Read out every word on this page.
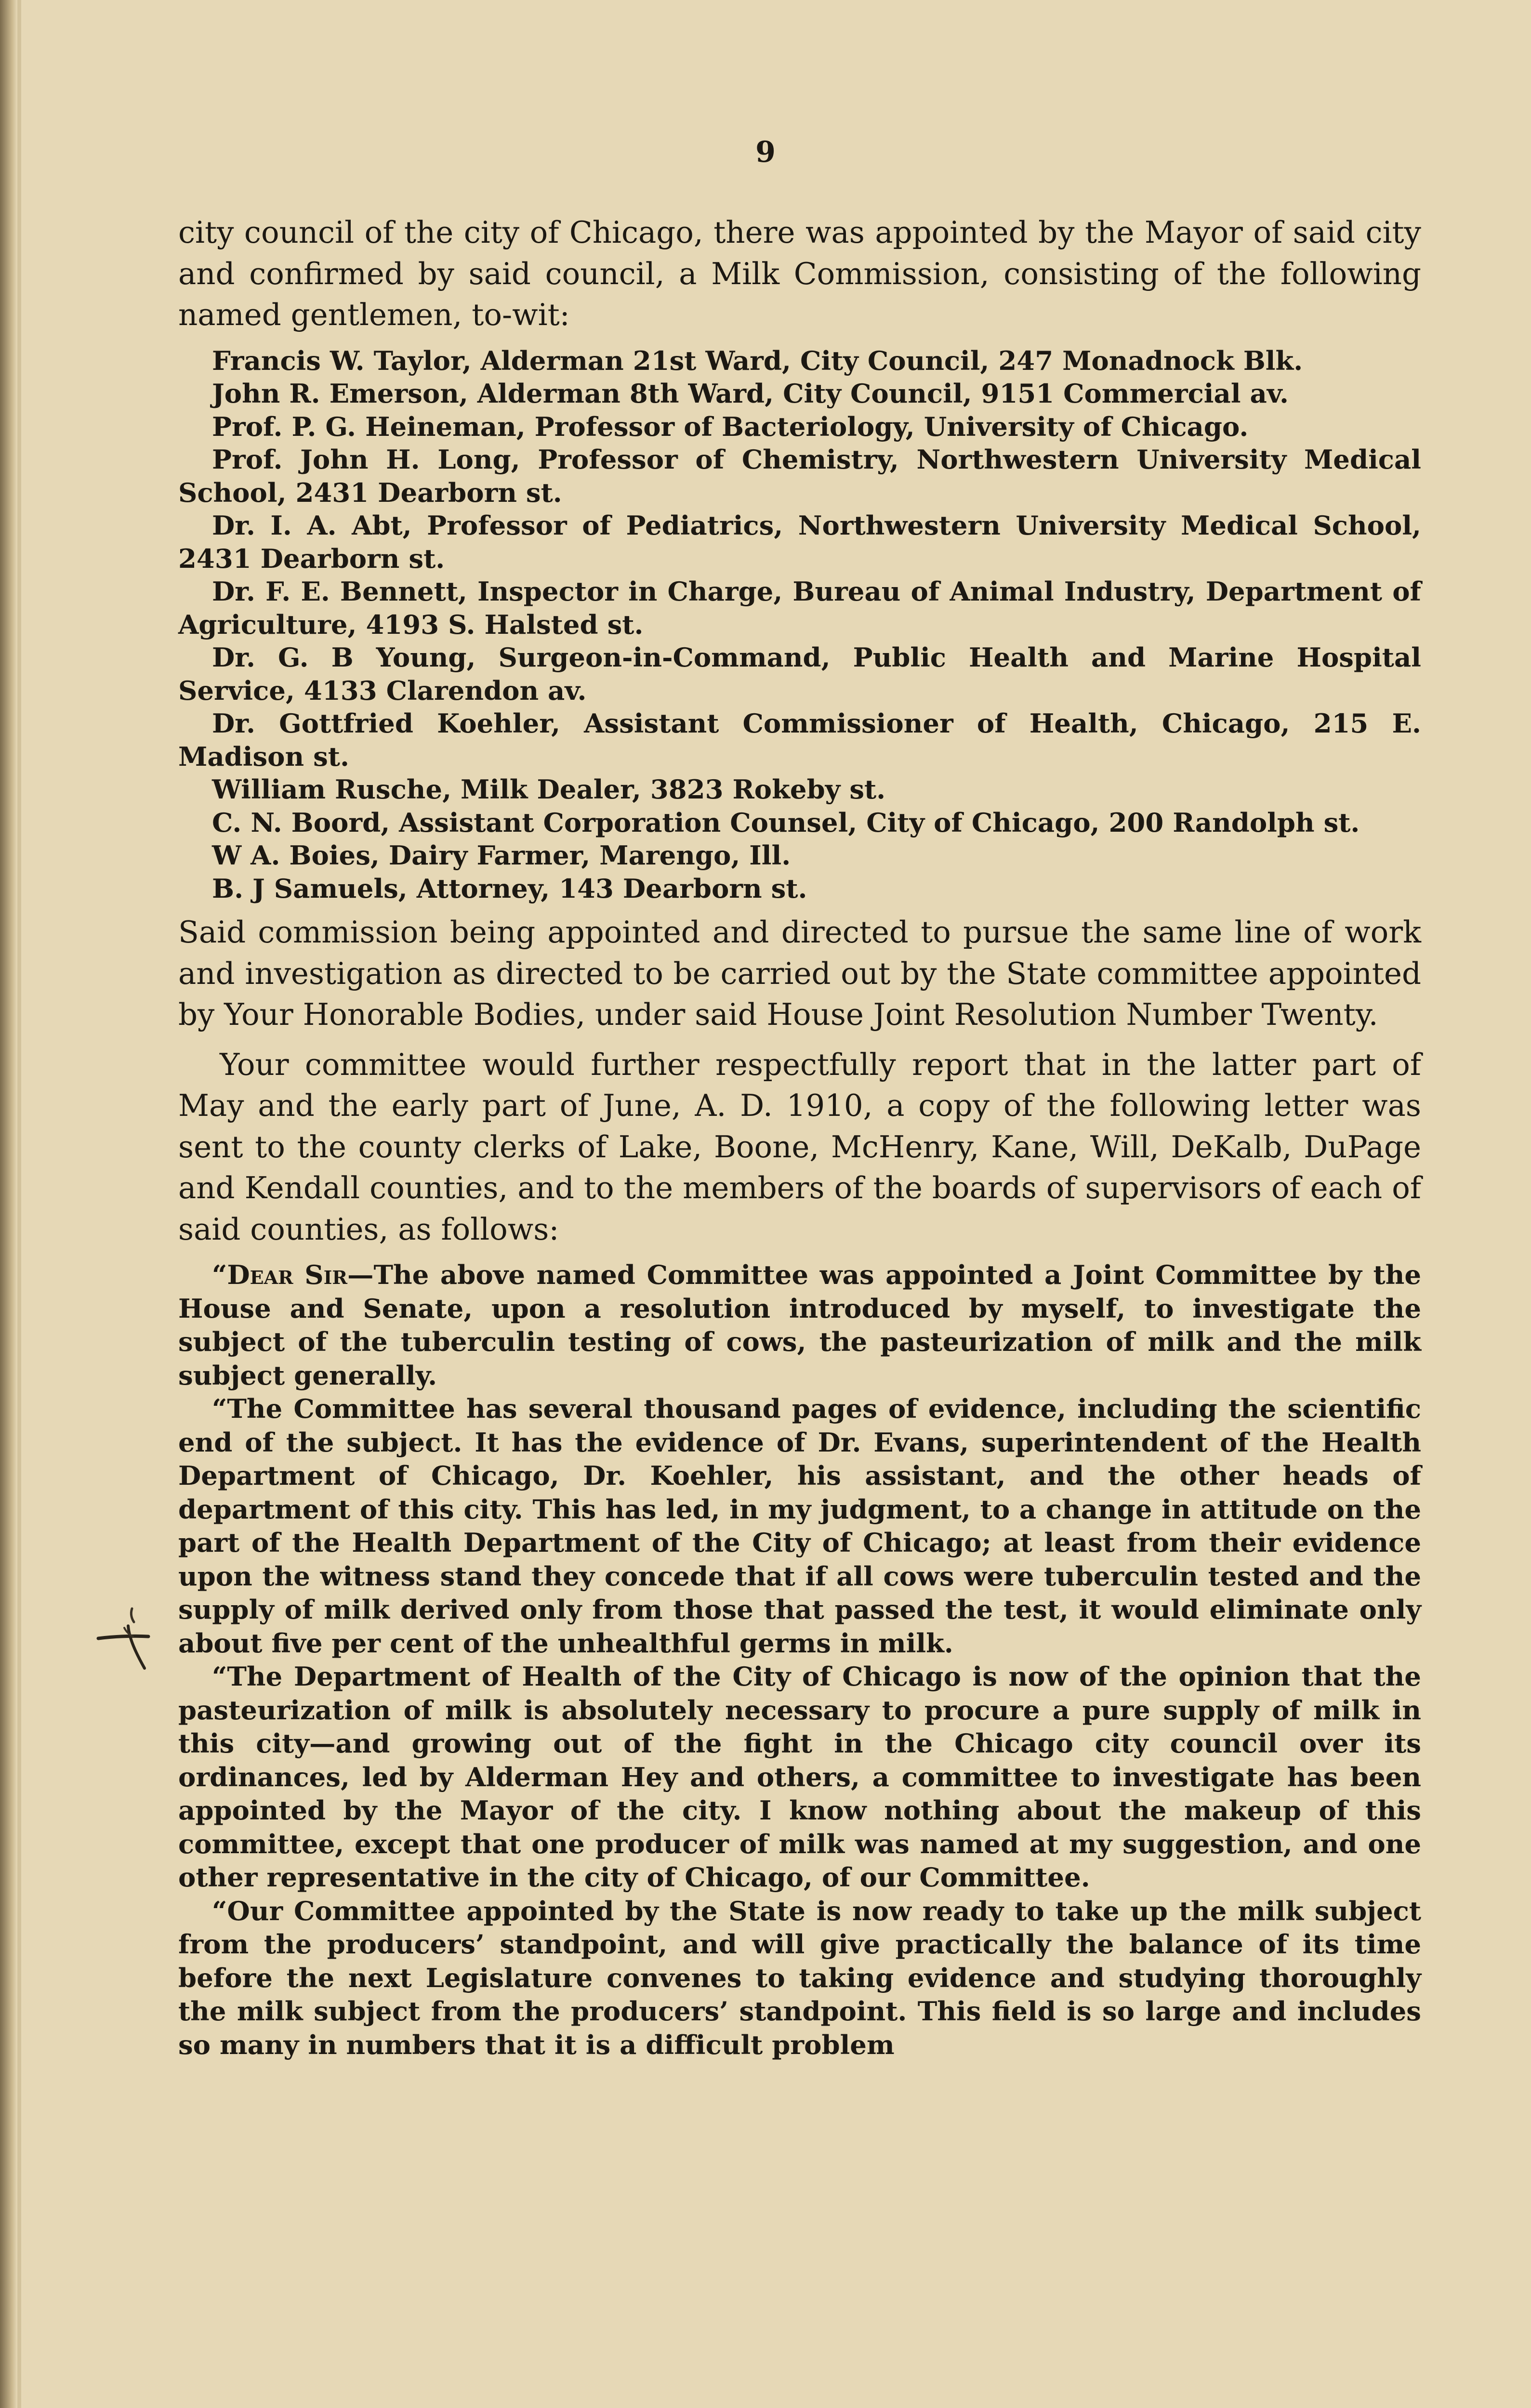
9

city council of the city of Chicago, there was appointed by the Mayor of said city and confirmed by said council, a Milk Commission, consisting of the following named gentlemen, to-wit:

Francis W. Taylor, Alderman 21st Ward, City Council, 247 Monadnock Blk.

John R. Emerson, Alderman 8th Ward, City Council, 9151 Commercial av.

Prof. P. G. Heineman, Professor of Bacteriology, University of Chicago.

Prof. John H. Long, Professor of Chemistry, Northwestern University Medical School, 2431 Dearborn st.

Dr. I. A. Abt, Professor of Pediatrics, Northwestern University Medical School, 2431 Dearborn st.

Dr. F. E. Bennett, Inspector in Charge, Bureau of Animal Industry, Department of Agriculture, 4193 S. Halsted st.

Dr. G. B Young, Surgeon-in-Command, Public Health and Marine Hospital Service, 4133 Clarendon av.

Dr. Gottfried Koehler, Assistant Commissioner of Health, Chicago, 215 E. Madison st.

William Rusche, Milk Dealer, 3823 Rokeby st.

C. N. Boord, Assistant Corporation Counsel, City of Chicago, 200 Randolph st.

W A. Boies, Dairy Farmer, Marengo, Ill.

B. J Samuels, Attorney, 143 Dearborn st.

Said commission being appointed and directed to pursue the same line of work and investigation as directed to be carried out by the State committee appointed by Your Honorable Bodies, under said House Joint Resolution Number Twenty.

Your committee would further respectfully report that in the latter part of May and the early part of June, A. D. 1910, a copy of the following letter was sent to the county clerks of Lake, Boone, McHenry, Kane, Will, DeKalb, DuPage and Kendall counties, and to the members of the boards of supervisors of each of said counties, as follows:

“Dear Sir—The above named Committee was appointed a Joint Committee by the House and Senate, upon a resolution introduced by myself, to investigate the subject of the tuberculin testing of cows, the pasteurization of milk and the milk subject generally.

“The Committee has several thousand pages of evidence, including the scientific end of the subject. It has the evidence of Dr. Evans, superintendent of the Health Department of Chicago, Dr. Koehler, his assistant, and the other heads of department of this city. This has led, in my judgment, to a change in attitude on the part of the Health Department of the City of Chicago; at least from their evidence upon the witness stand they concede that if all cows were tuberculin tested and the supply of milk derived only from those that passed the test, it would eliminate only about five per cent of the unhealthful germs in milk.

“The Department of Health of the City of Chicago is now of the opinion that the pasteurization of milk is absolutely necessary to procure a pure supply of milk in this city—and growing out of the fight in the Chicago city council over its ordinances, led by Alderman Hey and others, a committee to investigate has been appointed by the Mayor of the city. I know nothing about the makeup of this committee, except that one producer of milk was named at my suggestion, and one other representative in the city of Chicago, of our Committee.

“Our Committee appointed by the State is now ready to take up the milk subject from the producers’ standpoint, and will give practically the balance of its time before the next Legislature convenes to taking evidence and studying thoroughly the milk subject from the producers’ standpoint. This field is so large and includes so many in numbers that it is a difficult problem
